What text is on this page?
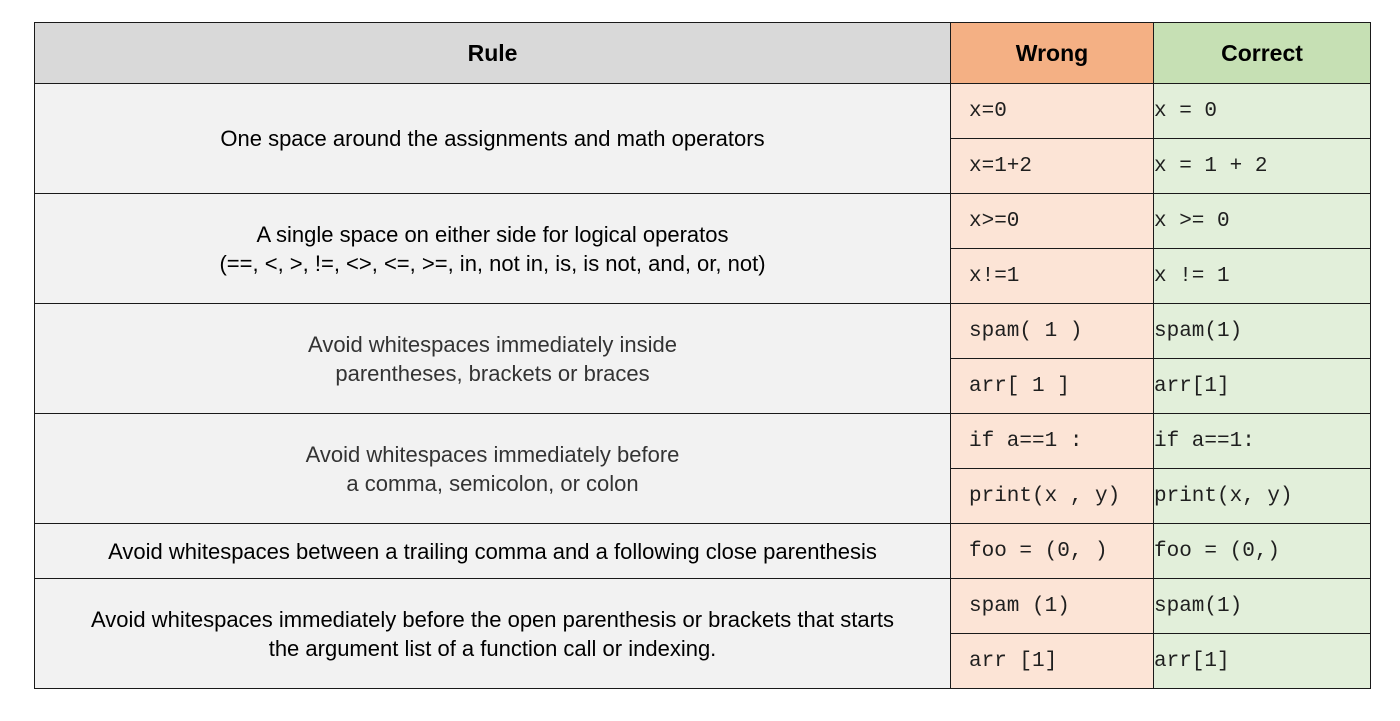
Rule	Wrong	Correct

One space around the assignments and math operators	x=0	x = 0
	x=1+2	x = 1 + 2

A single space on either side for logical operatos
(==, <, >, !=, <>, <=, >=, in, not in, is, is not, and, or, not)	x>=0	x >= 0
	x!=1	x != 1

Avoid whitespaces immediately inside
parentheses, brackets or braces	spam( 1 )	spam(1)
	arr[ 1 ]	arr[1]

Avoid whitespaces immediately before
a comma, semicolon, or colon	if a==1 :	if a==1:
	print(x , y)	print(x, y)

Avoid whitespaces between a trailing comma and a following close parenthesis	foo = (0, )	foo = (0,)

Avoid whitespaces immediately before the open parenthesis or brackets that starts
the argument list of a function call or indexing.	spam (1)	spam(1)
	arr [1]	arr[1]
